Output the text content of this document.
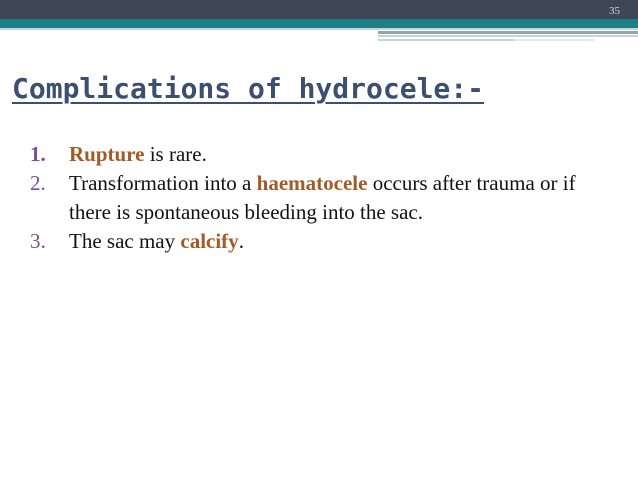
35
Complications of hydrocele:-
1. Rupture is rare.
2. Transformation into a haematocele occurs after trauma or if there is spontaneous bleeding into the sac.
3. The sac may calcify.
